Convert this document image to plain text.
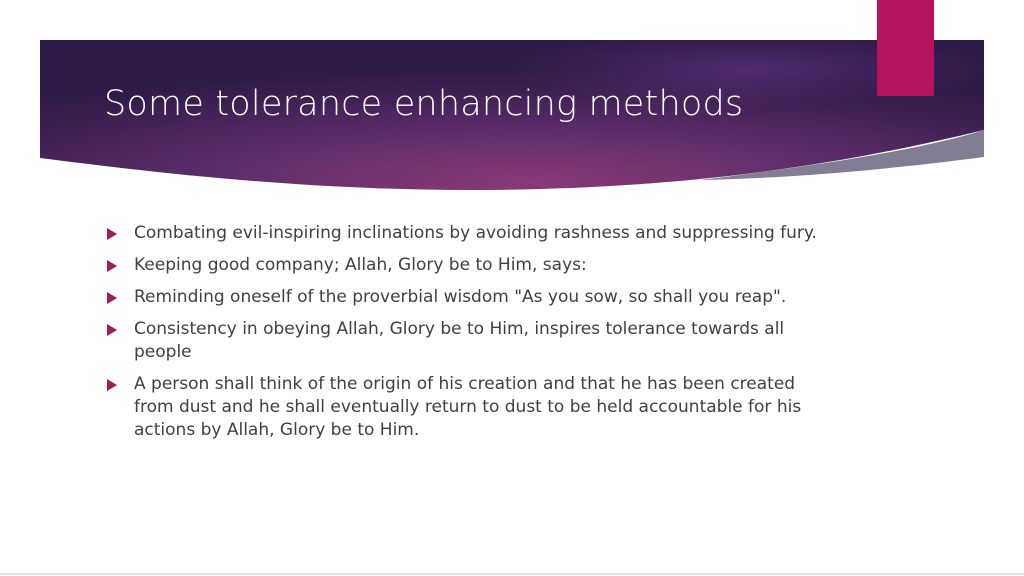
Some tolerance enhancing methods
Combating evil-inspiring inclinations by avoiding rashness and suppressing fury.
Keeping good company; Allah, Glory be to Him, says:
Reminding oneself of the proverbial wisdom "As you sow, so shall you reap".
Consistency in obeying Allah, Glory be to Him, inspires tolerance towards all people
A person shall think of the origin of his creation and that he has been created from dust and he shall eventually return to dust to be held accountable for his actions by Allah, Glory be to Him.
